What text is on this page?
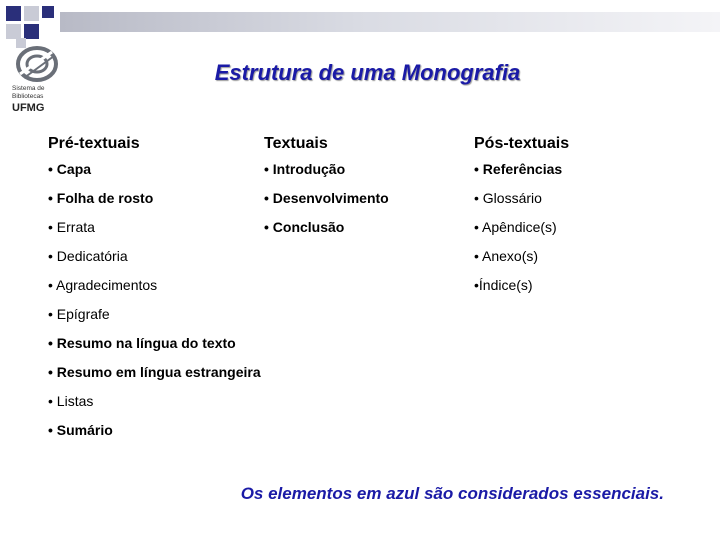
Sistema de
Bibliotecas
UFMG
Estrutura de uma Monografia
Pré-textuais
• Capa
• Folha de rosto
• Errata
• Dedicatória
• Agradecimentos
• Epígrafe
• Resumo na língua do texto
• Resumo em língua estrangeira
• Listas
• Sumário
Textuais
• Introdução
• Desenvolvimento
• Conclusão
Pós-textuais
• Referências
• Glossário
• Apêndice(s)
• Anexo(s)
•Índice(s)
Os elementos em azul são considerados essenciais.
